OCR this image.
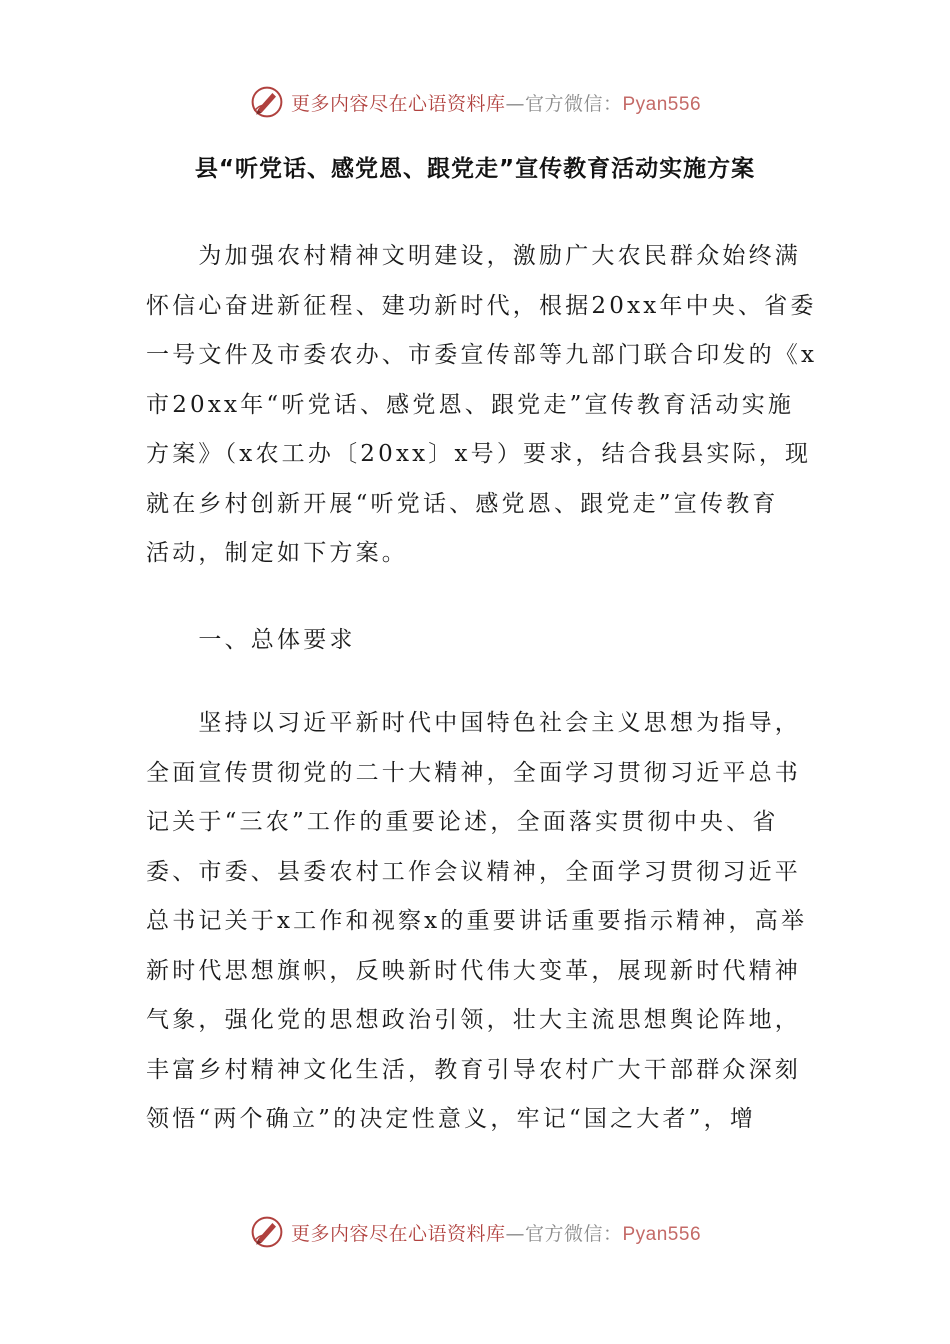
更多内容尽在心语资料库—官方微信：Pyan556
县“听党话、感党恩、跟党走”宣传教育活动实施方案
　　为加强农村精神文明建设，激励广大农民群众始终满
怀信心奋进新征程、建功新时代，根据20xx年中央、省委
一号文件及市委农办、市委宣传部等九部门联合印发的《x
市20xx年“听党话、感党恩、跟党走”宣传教育活动实施
方案》（x农工办〔20xx〕x号）要求，结合我县实际，现
就在乡村创新开展“听党话、感党恩、跟党走”宣传教育
活动，制定如下方案。
　　一、总体要求
　　坚持以习近平新时代中国特色社会主义思想为指导，
全面宣传贯彻党的二十大精神，全面学习贯彻习近平总书
记关于“三农”工作的重要论述，全面落实贯彻中央、省
委、市委、县委农村工作会议精神，全面学习贯彻习近平
总书记关于x工作和视察x的重要讲话重要指示精神，高举
新时代思想旗帜，反映新时代伟大变革，展现新时代精神
气象，强化党的思想政治引领，壮大主流思想舆论阵地，
丰富乡村精神文化生活，教育引导农村广大干部群众深刻
领悟“两个确立”的决定性意义，牢记“国之大者”，增
更多内容尽在心语资料库—官方微信：Pyan556
